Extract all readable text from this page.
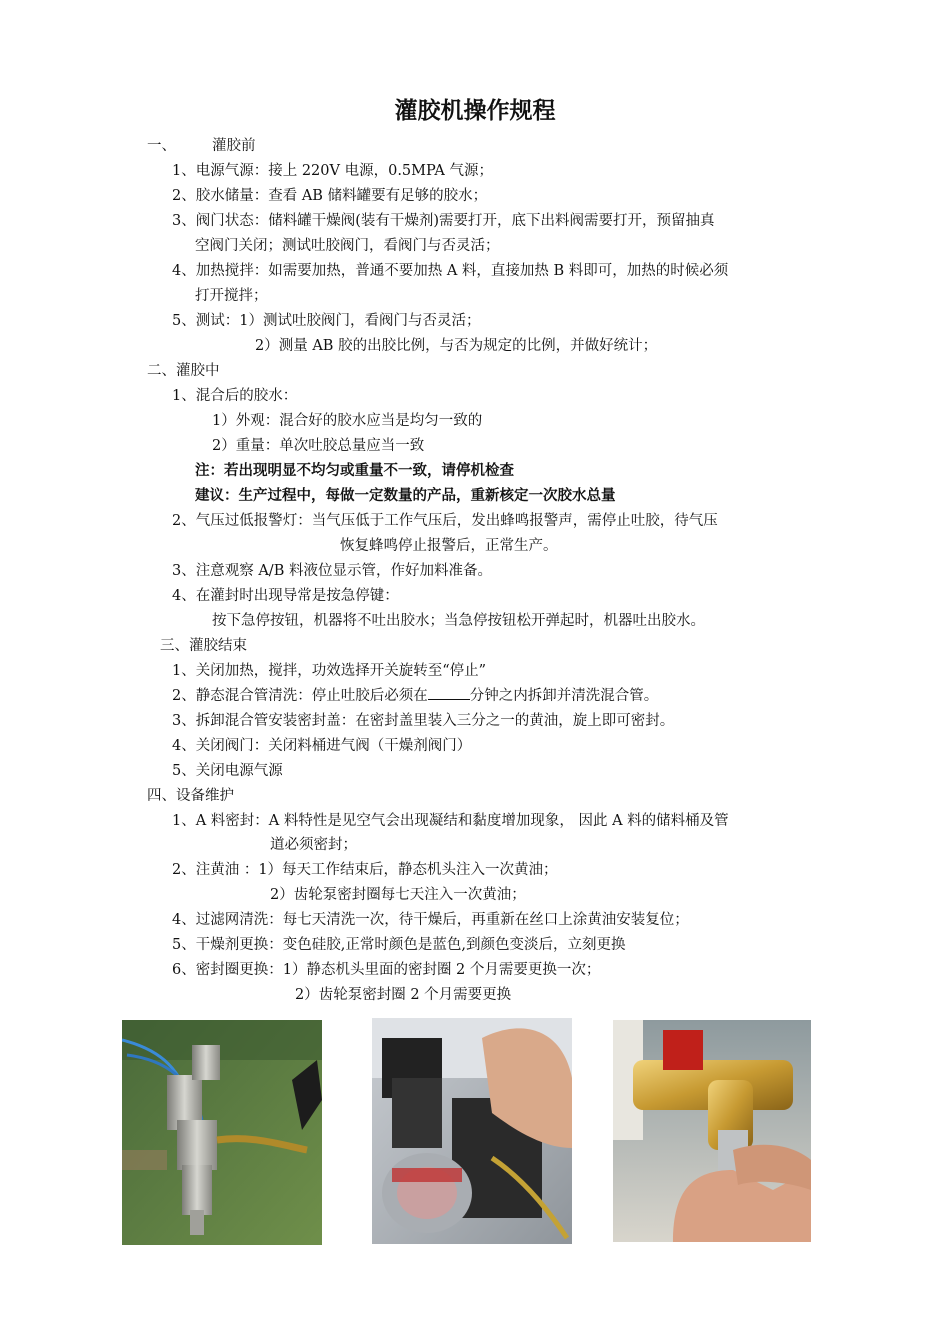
灌胶机操作规程
一、 灌胶前
1、电源气源：接上 220V 电源，0.5MPA 气源；
2、胶水储量：查看 AB 储料罐要有足够的胶水；
3、阀门状态：储料罐干燥阀(装有干燥剂)需要打开，底下出料阀需要打开，预留抽真
空阀门关闭；测试吐胶阀门，看阀门与否灵活；
4、加热搅拌：如需要加热，普通不要加热 A 料，直接加热 B 料即可，加热的时候必须
打开搅拌；
5、测试：1）测试吐胶阀门，看阀门与否灵活；
2）测量 AB 胶的出胶比例，与否为规定的比例，并做好统计；
二、灌胶中
1、混合后的胶水：
1）外观：混合好的胶水应当是均匀一致的
2）重量：单次吐胶总量应当一致
注：若出现明显不均匀或重量不一致，请停机检查
建议：生产过程中，每做一定数量的产品，重新核定一次胶水总量
2、气压过低报警灯：当气压低于工作气压后，发出蜂鸣报警声，需停止吐胶，待气压
恢复蜂鸣停止报警后，正常生产。
3、注意观察 A/B 料液位显示管，作好加料准备。
4、在灌封时出现导常是按急停键：
按下急停按钮，机器将不吐出胶水；当急停按钮松开弹起时，机器吐出胶水。
三、灌胶结束
1、关闭加热，搅拌，功效选择开关旋转至“停止”
2、静态混合管清洗：停止吐胶后必须在	分钟之内拆卸并清洗混合管。
3、拆卸混合管安装密封盖：在密封盖里装入三分之一的黄油，旋上即可密封。
4、关闭阀门：关闭料桶进气阀（干燥剂阀门）
5、关闭电源气源
四、设备维护
1、A 料密封：A 料特性是见空气会出现凝结和黏度增加现象， 因此 A 料的储料桶及管
道必须密封；
2、注黄油 ：1）每天工作结束后，静态机头注入一次黄油；
2）齿轮泵密封圈每七天注入一次黄油；
4、过滤网清洗：每七天清洗一次，待干燥后，再重新在丝口上涂黄油安装复位；
5、干燥剂更换：变色硅胶,正常时颜色是蓝色,到颜色变淡后，立刻更换
6、密封圈更换：1）静态机头里面的密封圈 2 个月需要更换一次；
2）齿轮泵密封圈 2 个月需要更换
